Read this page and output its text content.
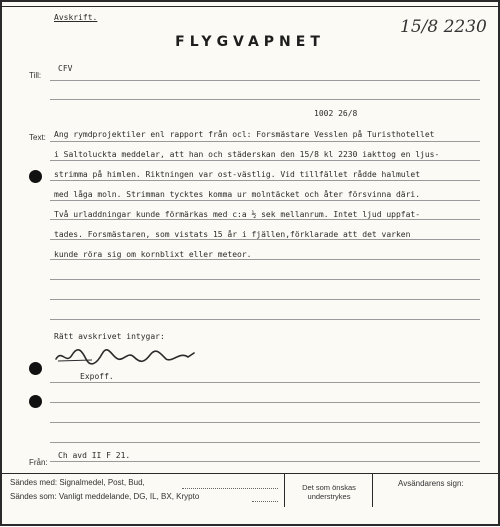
Avskrift.
FLYGVAPNET
15/8 2230
Till:
CFV
1002 26/8
Text: Ang rymdprojektiler enl rapport från ocl: Forsmästare Vesslen på Turisthotellet
i Saltoluckta meddelar, att han och städerskan den 15/8 kl 2230 iakttog en ljus-
strimma på himlen. Riktningen var ost-västlig. Vid tillfället rådde halmulet
med låga moln. Strimman tycktes komma ur molntäcket och åter försvinna däri.
Två urladdningar kunde förmärkas med c:a ½ sek mellanrum. Intet ljud uppfat-
tades. Forsmästaren, som vistats 15 år i fjällen,förklarade att det varken
kunde röra sig om kornblixt eller meteor.
Rätt avskrivet intygar:
Expoff.
Från:
Ch avd II F 21.
Sändes med: Signalmedel, Post, Bud,
Sändes som: Vanligt meddelande, DG, IL, BX, Krypto
Det som önskas understrykes
Avsändarens sign:
